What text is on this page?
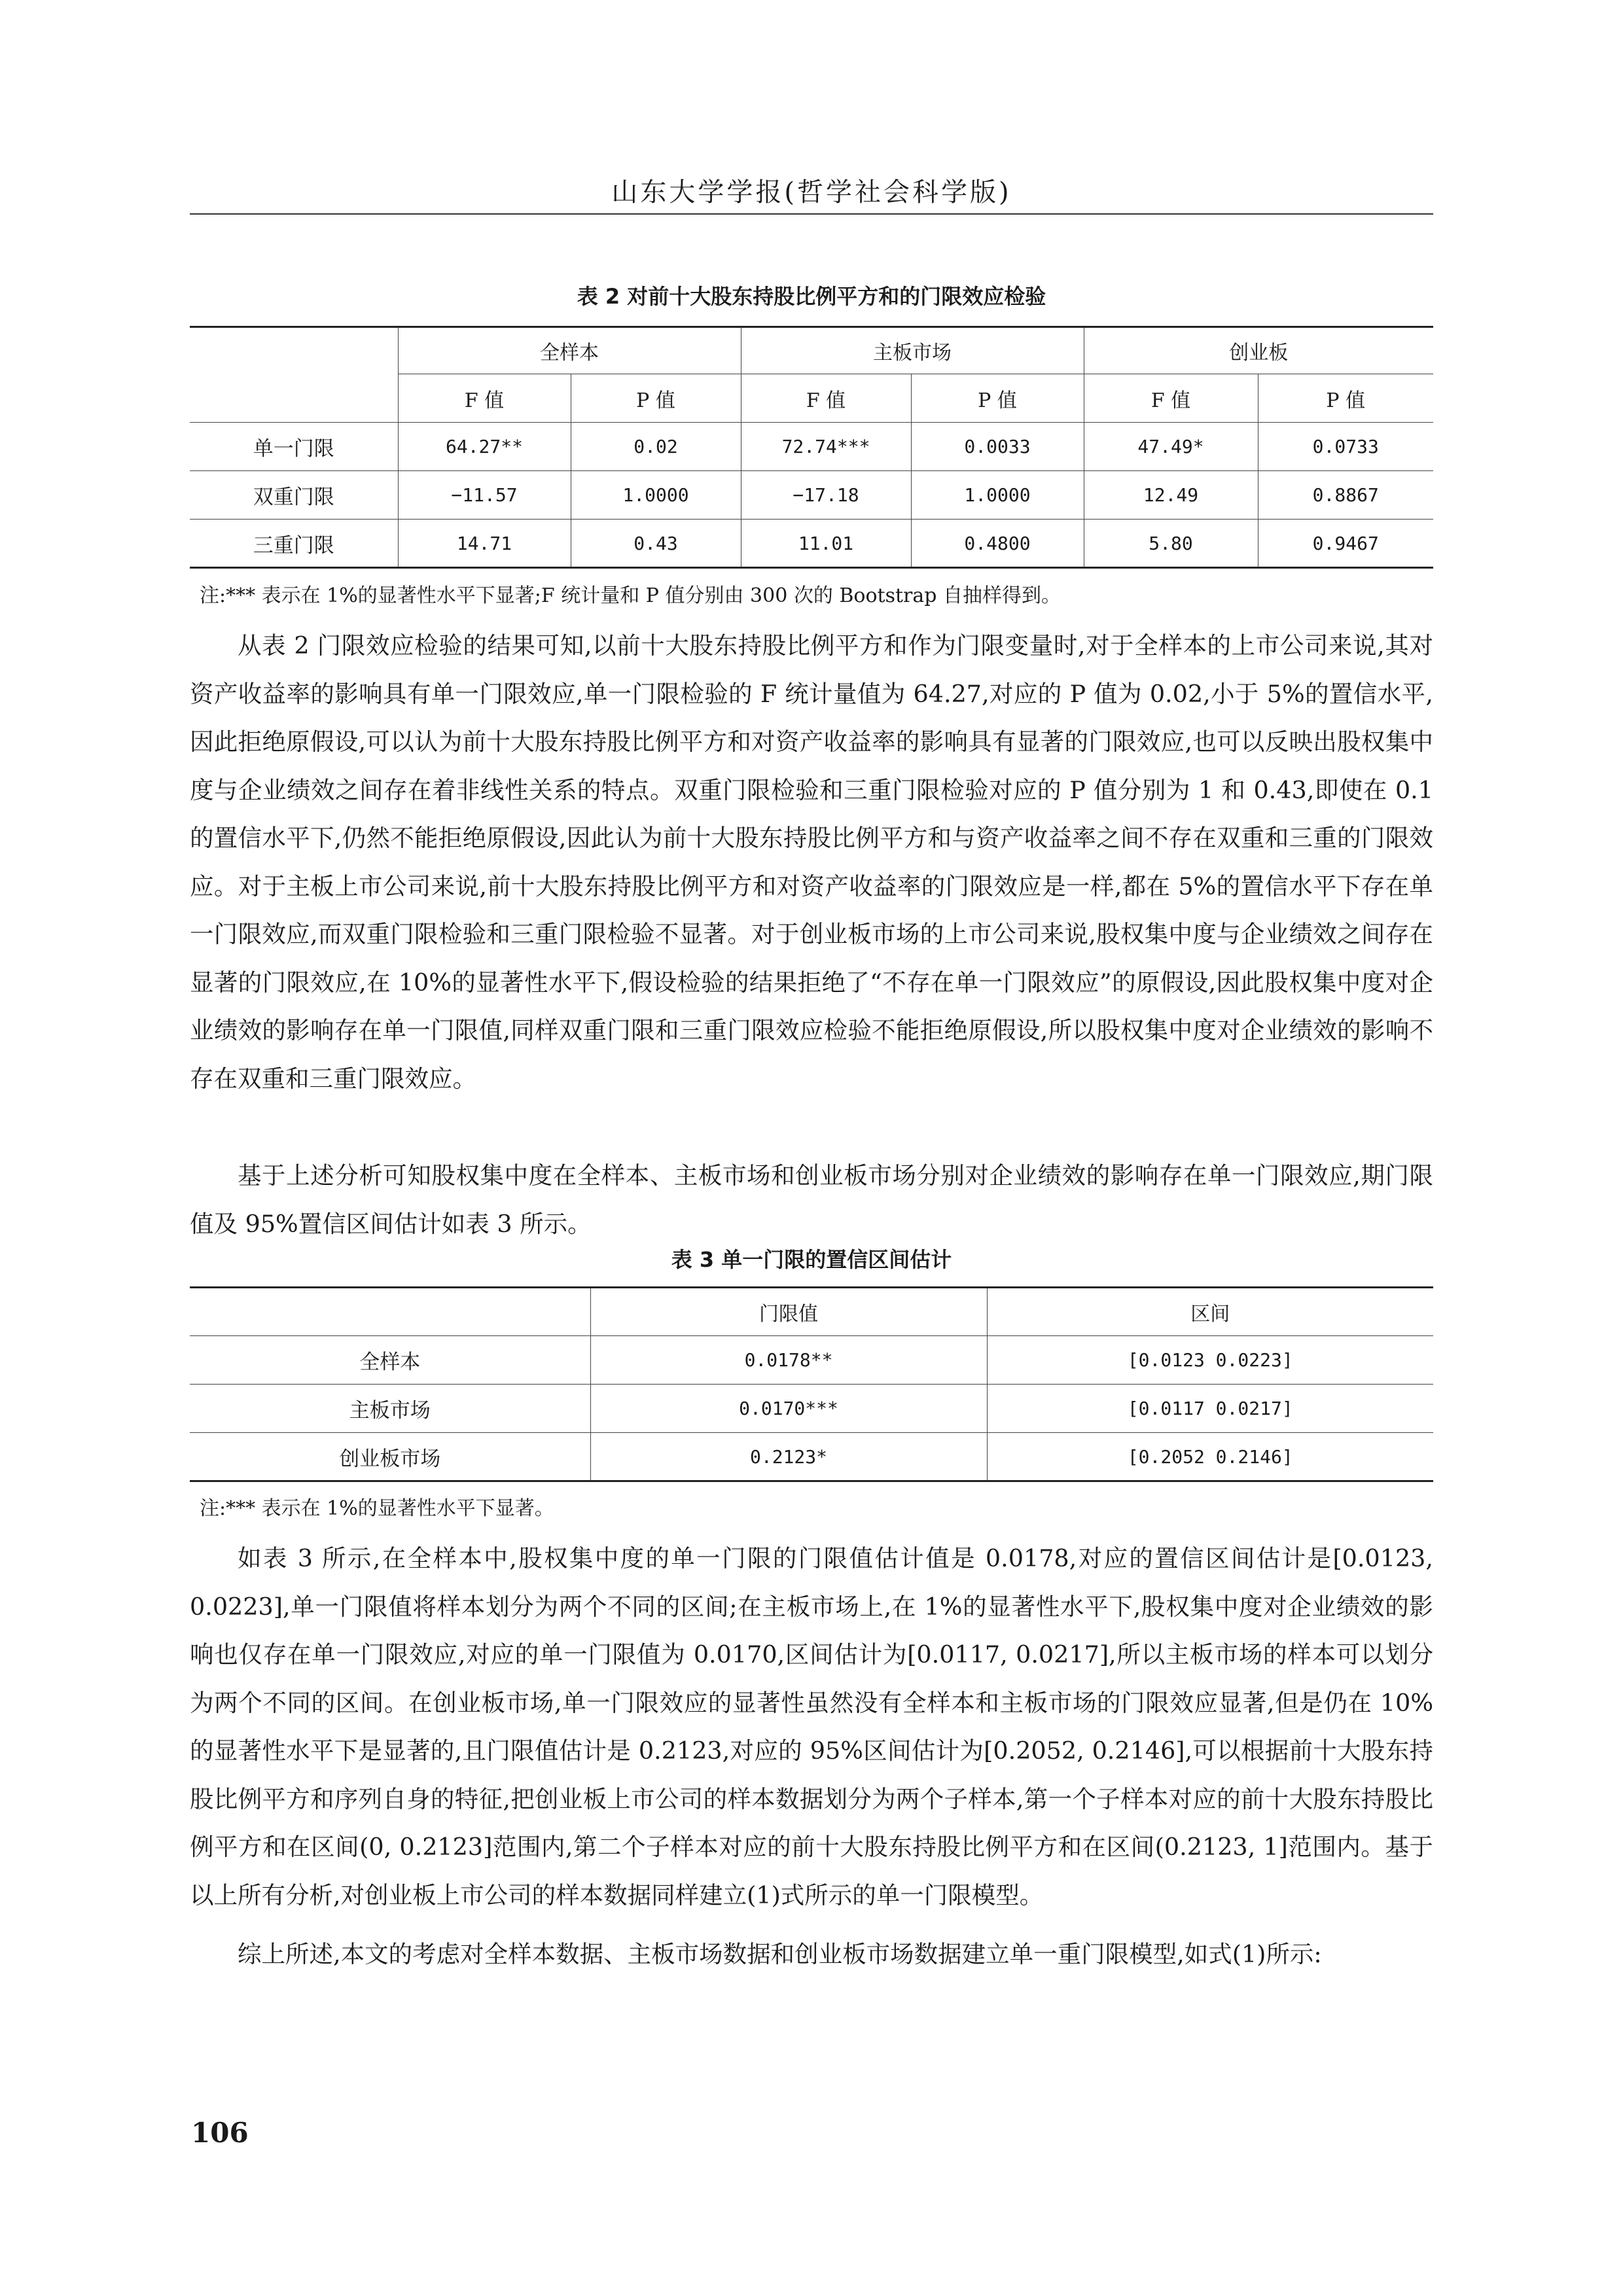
山东大学学报(哲学社会科学版)
表 2 对前十大股东持股比例平方和的门限效应检验
	全样本		主板市场		创业板	
	F 值	P 值	F 值	P 值	F 值	P 值
单一门限	64.27**	0.02	72.74***	0.0033	47.49*	0.0733
双重门限	−11.57	1.0000	−17.18	1.0000	12.49	0.8867
三重门限	14.71	0.43	11.01	0.4800	5.80	0.9467
注:*** 表示在 1%的显著性水平下显著;F 统计量和 P 值分别由 300 次的 Bootstrap 自抽样得到。

从表 2 门限效应检验的结果可知,以前十大股东持股比例平方和作为门限变量时,对于全样本的上市公司来说,其对资产收益率的影响具有单一门限效应,单一门限检验的 F 统计量值为 64.27,对应的 P 值为 0.02,小于 5%的置信水平,因此拒绝原假设,可以认为前十大股东持股比例平方和对资产收益率的影响具有显著的门限效应,也可以反映出股权集中度与企业绩效之间存在着非线性关系的特点。双重门限检验和三重门限检验对应的 P 值分别为 1 和 0.43,即使在 0.1 的置信水平下,仍然不能拒绝原假设,因此认为前十大股东持股比例平方和与资产收益率之间不存在双重和三重的门限效应。对于主板上市公司来说,前十大股东持股比例平方和对资产收益率的门限效应是一样,都在 5%的置信水平下存在单一门限效应,而双重门限检验和三重门限检验不显著。对于创业板市场的上市公司来说,股权集中度与企业绩效之间存在显著的门限效应,在 10%的显著性水平下,假设检验的结果拒绝了“不存在单一门限效应”的原假设,因此股权集中度对企业绩效的影响存在单一门限值,同样双重门限和三重门限效应检验不能拒绝原假设,所以股权集中度对企业绩效的影响不存在双重和三重门限效应。

基于上述分析可知股权集中度在全样本、主板市场和创业板市场分别对企业绩效的影响存在单一门限效应,期门限值及 95%置信区间估计如表 3 所示。

表 3 单一门限的置信区间估计
	门限值	区间
全样本	0.0178**	[0.0123 0.0223]
主板市场	0.0170***	[0.0117 0.0217]
创业板市场	0.2123*	[0.2052 0.2146]
注:*** 表示在 1%的显著性水平下显著。

如表 3 所示,在全样本中,股权集中度的单一门限的门限值估计值是 0.0178,对应的置信区间估计是[0.0123, 0.0223],单一门限值将样本划分为两个不同的区间;在主板市场上,在 1%的显著性水平下,股权集中度对企业绩效的影响也仅存在单一门限效应,对应的单一门限值为 0.0170,区间估计为[0.0117, 0.0217],所以主板市场的样本可以划分为两个不同的区间。在创业板市场,单一门限效应的显著性虽然没有全样本和主板市场的门限效应显著,但是仍在 10%的显著性水平下是显著的,且门限值估计是 0.2123,对应的 95%区间估计为[0.2052, 0.2146],可以根据前十大股东持股比例平方和序列自身的特征,把创业板上市公司的样本数据划分为两个子样本,第一个子样本对应的前十大股东持股比例平方和在区间(0, 0.2123]范围内,第二个子样本对应的前十大股东持股比例平方和在区间(0.2123, 1]范围内。基于以上所有分析,对创业板上市公司的样本数据同样建立(1)式所示的单一门限模型。

综上所述,本文的考虑对全样本数据、主板市场数据和创业板市场数据建立单一重门限模型,如式(1)所示:

106
